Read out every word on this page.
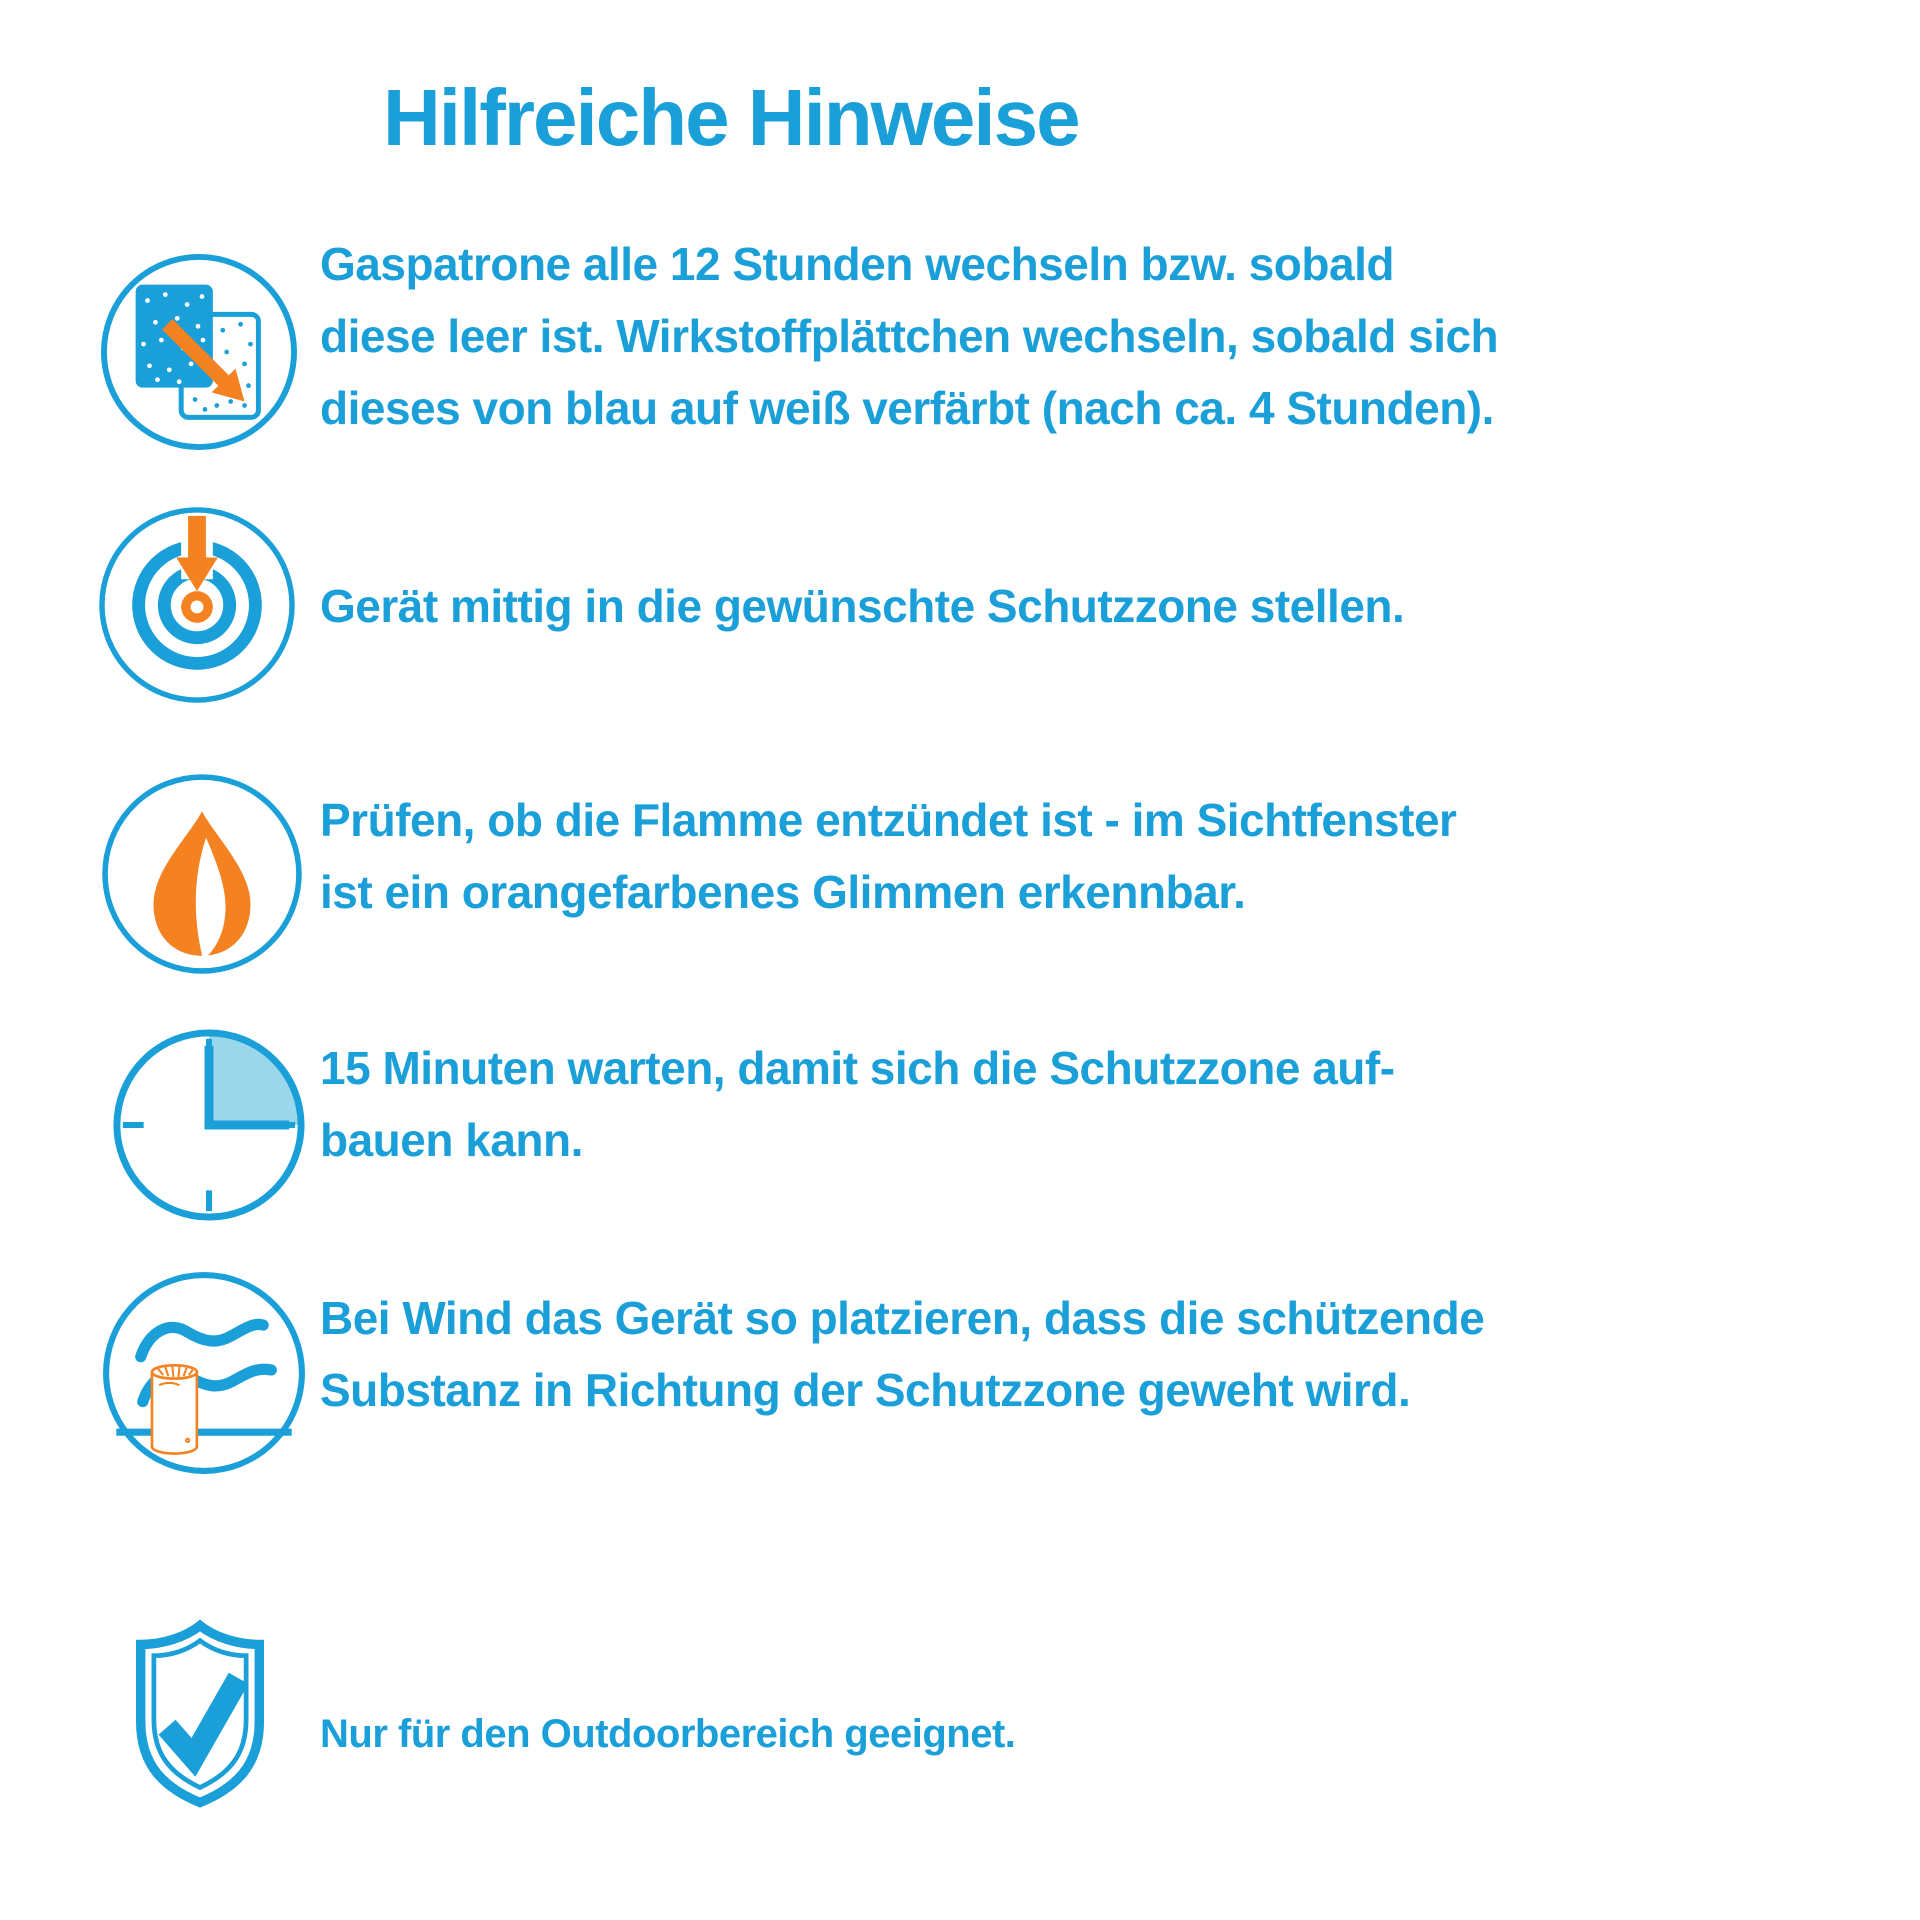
Hilfreiche Hinweise
Gaspatrone alle 12 Stunden wechseln bzw. sobald
diese leer ist. Wirkstoffplättchen wechseln, sobald sich
dieses von blau auf weiß verfärbt (nach ca. 4 Stunden).
Gerät mittig in die gewünschte Schutzzone stellen.
Prüfen, ob die Flamme entzündet ist - im Sichtfenster
ist ein orangefarbenes Glimmen erkennbar.
15 Minuten warten, damit sich die Schutzzone auf-
bauen kann.
Bei Wind das Gerät so platzieren, dass die schützende
Substanz in Richtung der Schutzzone geweht wird.
Nur für den Outdoorbereich geeignet.
